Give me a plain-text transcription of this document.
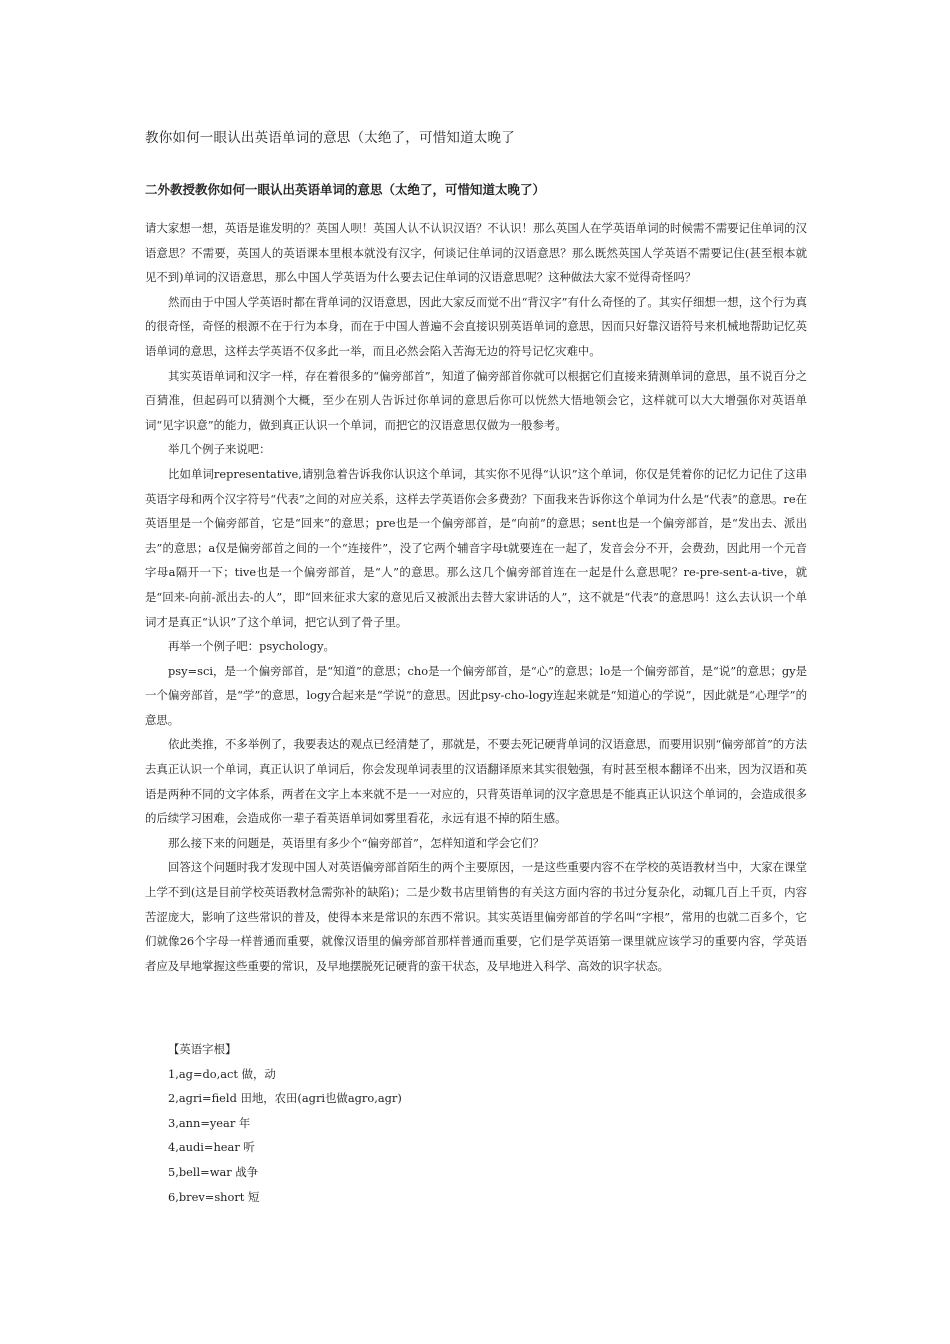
教你如何一眼认出英语单词的意思（太绝了，可惜知道太晚了
二外教授教你如何一眼认出英语单词的意思（太绝了，可惜知道太晚了）

请大家想一想，英语是谁发明的？英国人呗！英国人认不认识汉语？不认识！那么英国人在学英语单词的时候需不需要记住单词的汉语意思？不需要，英国人的英语课本里根本就没有汉字，何谈记住单词的汉语意思？那么既然英国人学英语不需要记住(甚至根本就见不到)单词的汉语意思，那么中国人学英语为什么要去记住单词的汉语意思呢？这种做法大家不觉得奇怪吗？

然而由于中国人学英语时都在背单词的汉语意思，因此大家反而觉不出“背汉字”有什么奇怪的了。其实仔细想一想，这个行为真的很奇怪，奇怪的根源不在于行为本身，而在于中国人普遍不会直接识别英语单词的意思，因而只好靠汉语符号来机械地帮助记忆英语单词的意思，这样去学英语不仅多此一举，而且必然会陷入苦海无边的符号记忆灾难中。

其实英语单词和汉字一样，存在着很多的“偏旁部首”，知道了偏旁部首你就可以根据它们直接来猜测单词的意思，虽不说百分之百猜准，但起码可以猜测个大概，至少在别人告诉过你单词的意思后你可以恍然大悟地领会它，这样就可以大大增强你对英语单词“见字识意”的能力，做到真正认识一个单词，而把它的汉语意思仅做为一般参考。

举几个例子来说吧：

比如单词representative,请别急着告诉我你认识这个单词，其实你不见得“认识”这个单词，你仅是凭着你的记忆力记住了这串英语字母和两个汉字符号“代表”之间的对应关系，这样去学英语你会多费劲？下面我来告诉你这个单词为什么是“代表”的意思。re在英语里是一个偏旁部首，它是“回来”的意思；pre也是一个偏旁部首，是“向前”的意思；sent也是一个偏旁部首，是“发出去、派出去”的意思；a仅是偏旁部首之间的一个“连接件”，没了它两个辅音字母t就要连在一起了，发音会分不开，会费劲，因此用一个元音字母a隔开一下；tive也是一个偏旁部首，是“人”的意思。那么这几个偏旁部首连在一起是什么意思呢？re-pre-sent-a-tive，就是“回来-向前-派出去-的人”，即“回来征求大家的意见后又被派出去替大家讲话的人”，这不就是“代表”的意思吗！这么去认识一个单词才是真正“认识”了这个单词，把它认到了骨子里。

再举一个例子吧：psychology。

psy=sci，是一个偏旁部首，是“知道”的意思；cho是一个偏旁部首，是“心”的意思；lo是一个偏旁部首，是“说”的意思；gy是一个偏旁部首，是“学”的意思，logy合起来是“学说”的意思。因此psy-cho-logy连起来就是“知道心的学说”，因此就是“心理学”的意思。

依此类推，不多举例了，我要表达的观点已经清楚了，那就是，不要去死记硬背单词的汉语意思，而要用识别“偏旁部首”的方法去真正认识一个单词，真正认识了单词后，你会发现单词表里的汉语翻译原来其实很勉强，有时甚至根本翻译不出来，因为汉语和英语是两种不同的文字体系，两者在文字上本来就不是一一对应的，只背英语单词的汉字意思是不能真正认识这个单词的，会造成很多的后续学习困难，会造成你一辈子看英语单词如雾里看花，永远有退不掉的陌生感。

那么接下来的问题是，英语里有多少个“偏旁部首”，怎样知道和学会它们？

回答这个问题时我才发现中国人对英语偏旁部首陌生的两个主要原因，一是这些重要内容不在学校的英语教材当中，大家在课堂上学不到(这是目前学校英语教材急需弥补的缺陷)；二是少数书店里销售的有关这方面内容的书过分复杂化，动辄几百上千页，内容苦涩庞大，影响了这些常识的普及，使得本来是常识的东西不常识。其实英语里偏旁部首的学名叫“字根”，常用的也就二百多个，它们就像26个字母一样普通而重要，就像汉语里的偏旁部首那样普通而重要，它们是学英语第一课里就应该学习的重要内容，学英语者应及早地掌握这些重要的常识，及早地摆脱死记硬背的蛮干状态，及早地进入科学、高效的识字状态。

【英语字根】
1,ag=do,act 做，动
2,agri=field 田地，农田(agri也做agro,agr)
3,ann=year 年
4,audi=hear 听
5,bell=war 战争
6,brev=short 短
